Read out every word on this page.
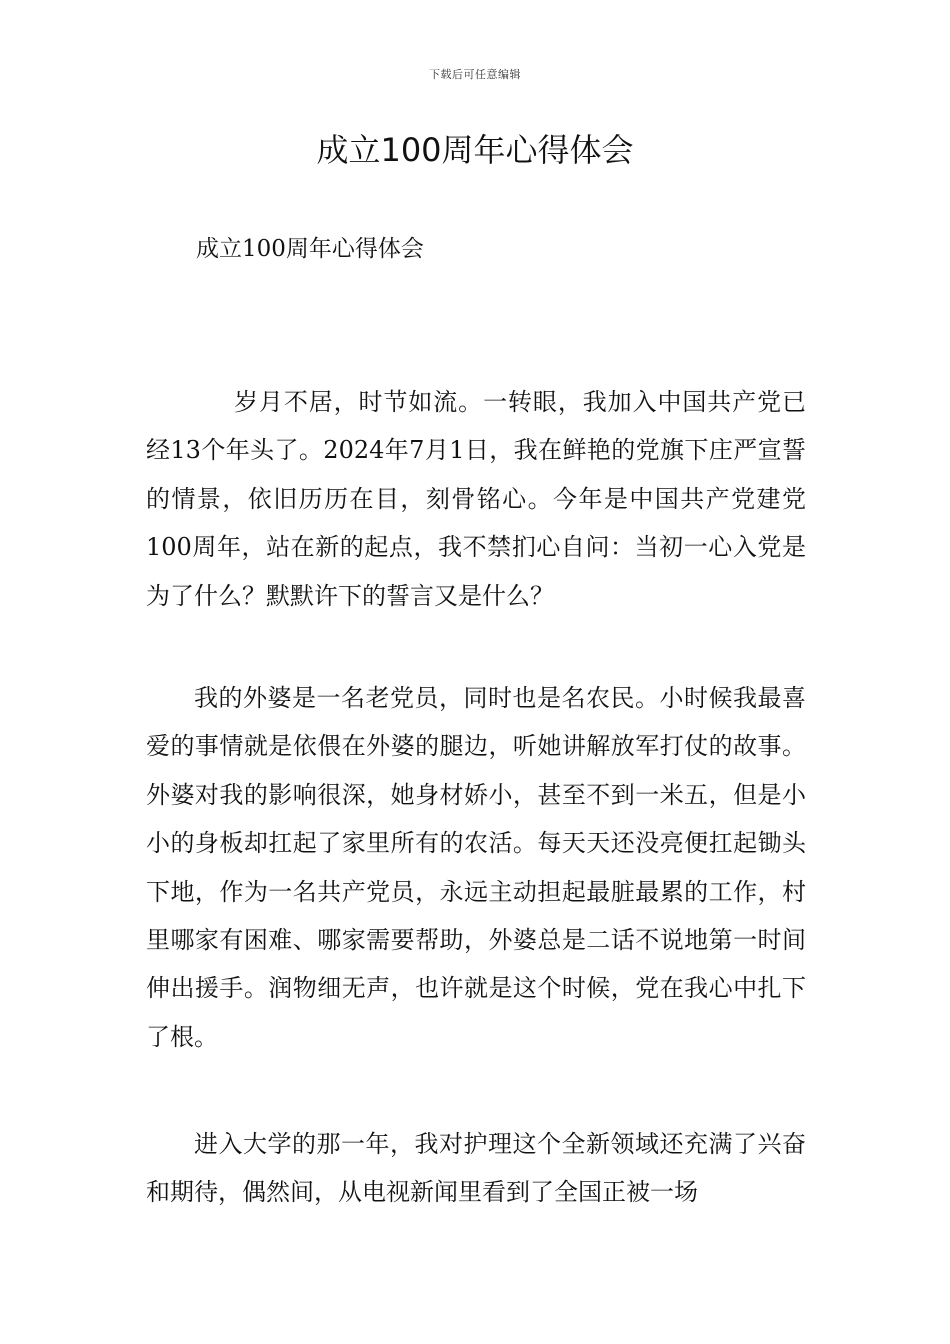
下载后可任意编辑
成立100周年心得体会
成立100周年心得体会

岁月不居，时节如流。一转眼，我加入中国共产党已经13个年头了。2024年7月1日，我在鲜艳的党旗下庄严宣誓的情景，依旧历历在目，刻骨铭心。今年是中国共产党建党100周年，站在新的起点，我不禁扪心自问：当初一心入党是为了什么？默默许下的誓言又是什么？

我的外婆是一名老党员，同时也是名农民。小时候我最喜爱的事情就是依偎在外婆的腿边，听她讲解放军打仗的故事。外婆对我的影响很深，她身材娇小，甚至不到一米五，但是小小的身板却扛起了家里所有的农活。每天天还没亮便扛起锄头下地，作为一名共产党员，永远主动担起最脏最累的工作，村里哪家有困难、哪家需要帮助，外婆总是二话不说地第一时间伸出援手。润物细无声，也许就是这个时候，党在我心中扎下了根。

进入大学的那一年，我对护理这个全新领域还充满了兴奋和期待，偶然间，从电视新闻里看到了全国正被一场
